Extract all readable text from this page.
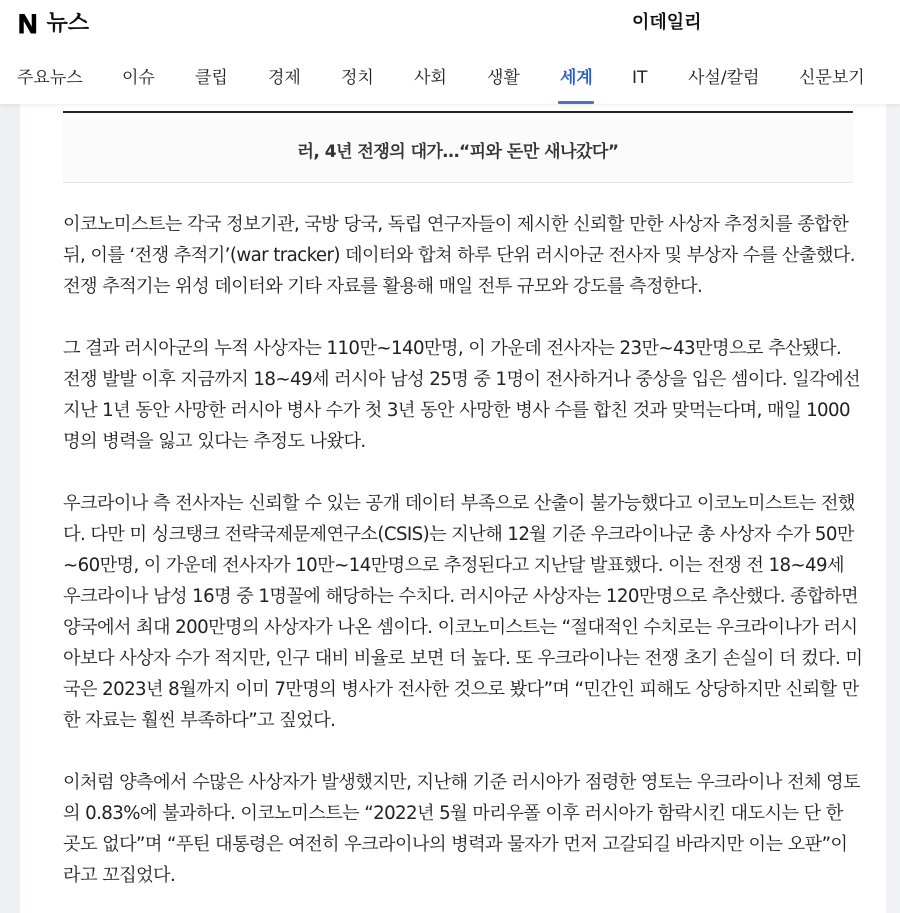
N 뉴스	이데일리
주요뉴스 이슈 클립 경제 정치 사회 생활 세계 IT 사설/칼럼 신문보기
러, 4년 전쟁의 대가…“피와 돈만 새나갔다”

이코노미스트는 각국 정보기관, 국방 당국, 독립 연구자들이 제시한 신뢰할 만한 사상자 추정치를 종합한 뒤, 이를 ‘전쟁 추적기’(war tracker) 데이터와 합쳐 하루 단위 러시아군 전사자 및 부상자 수를 산출했다. 전쟁 추적기는 위성 데이터와 기타 자료를 활용해 매일 전투 규모와 강도를 측정한다.

그 결과 러시아군의 누적 사상자는 110만~140만명, 이 가운데 전사자는 23만~43만명으로 추산됐다. 전쟁 발발 이후 지금까지 18~49세 러시아 남성 25명 중 1명이 전사하거나 중상을 입은 셈이다. 일각에선 지난 1년 동안 사망한 러시아 병사 수가 첫 3년 동안 사망한 병사 수를 합친 것과 맞먹는다며, 매일 1000명의 병력을 잃고 있다는 추정도 나왔다.

우크라이나 측 전사자는 신뢰할 수 있는 공개 데이터 부족으로 산출이 불가능했다고 이코노미스트는 전했다. 다만 미 싱크탱크 전략국제문제연구소(CSIS)는 지난해 12월 기준 우크라이나군 총 사상자 수가 50만~60만명, 이 가운데 전사자가 10만~14만명으로 추정된다고 지난달 발표했다. 이는 전쟁 전 18~49세 우크라이나 남성 16명 중 1명꼴에 해당하는 수치다. 러시아군 사상자는 120만명으로 추산했다. 종합하면 양국에서 최대 200만명의 사상자가 나온 셈이다. 이코노미스트는 “절대적인 수치로는 우크라이나가 러시아보다 사상자 수가 적지만, 인구 대비 비율로 보면 더 높다. 또 우크라이나는 전쟁 초기 손실이 더 컸다. 미국은 2023년 8월까지 이미 7만명의 병사가 전사한 것으로 봤다”며 “민간인 피해도 상당하지만 신뢰할 만한 자료는 훨씬 부족하다”고 짚었다.

이처럼 양측에서 수많은 사상자가 발생했지만, 지난해 기준 러시아가 점령한 영토는 우크라이나 전체 영토의 0.83%에 불과하다. 이코노미스트는 “2022년 5월 마리우폴 이후 러시아가 함락시킨 대도시는 단 한 곳도 없다”며 “푸틴 대통령은 여전히 우크라이나의 병력과 물자가 먼저 고갈되길 바라지만 이는 오판”이라고 꼬집었다.
